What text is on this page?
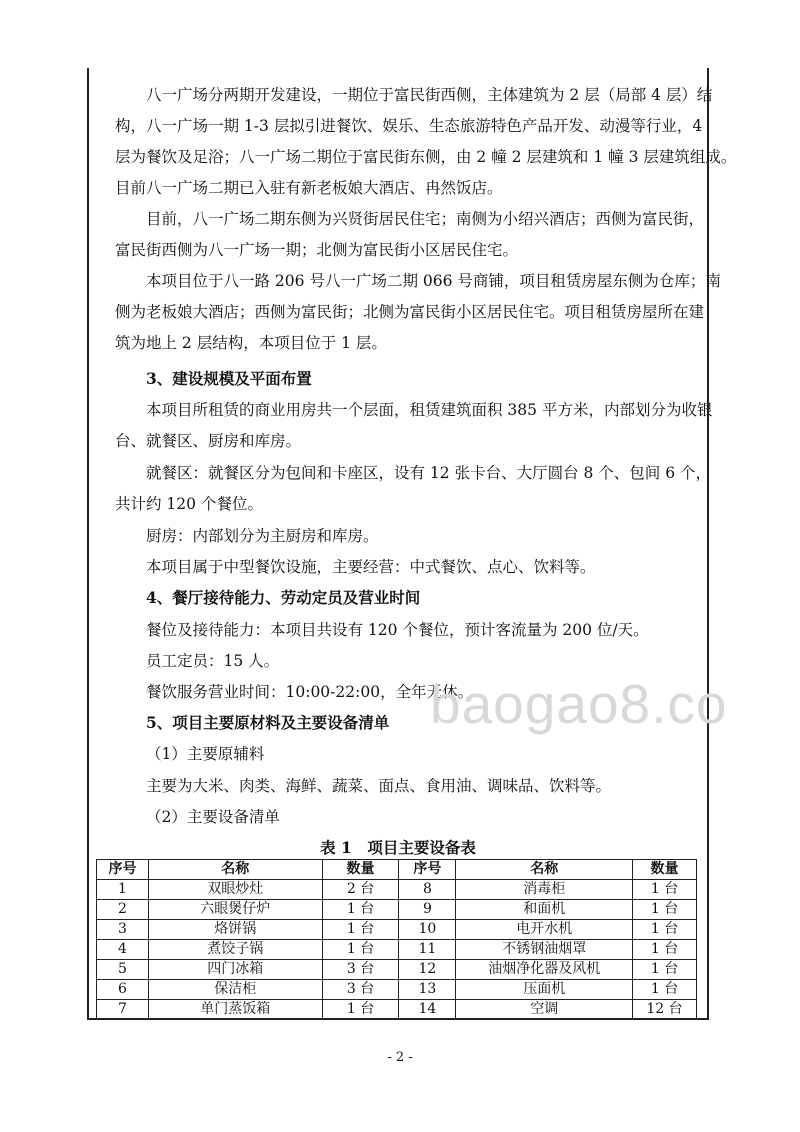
八一广场分两期开发建设，一期位于富民街西侧，主体建筑为 2 层（局部 4 层）结

构，八一广场一期 1-3 层拟引进餐饮、娱乐、生态旅游特色产品开发、动漫等行业，4

层为餐饮及足浴；八一广场二期位于富民街东侧，由 2 幢 2 层建筑和 1 幢 3 层建筑组成。

目前八一广场二期已入驻有新老板娘大酒店、冉然饭店。

目前，八一广场二期东侧为兴贤街居民住宅；南侧为小绍兴酒店；西侧为富民街，

富民街西侧为八一广场一期；北侧为富民街小区居民住宅。

本项目位于八一路 206 号八一广场二期 066 号商铺，项目租赁房屋东侧为仓库；南

侧为老板娘大酒店；西侧为富民街；北侧为富民街小区居民住宅。项目租赁房屋所在建

筑为地上 2 层结构，本项目位于 1 层。

3、建设规模及平面布置

本项目所租赁的商业用房共一个层面，租赁建筑面积 385 平方米，内部划分为收银

台、就餐区、厨房和库房。

就餐区：就餐区分为包间和卡座区，设有 12 张卡台、大厅圆台 8 个、包间 6 个，

共计约 120 个餐位。

厨房：内部划分为主厨房和库房。

本项目属于中型餐饮设施，主要经营：中式餐饮、点心、饮料等。

4、餐厅接待能力、劳动定员及营业时间

餐位及接待能力：本项目共设有 120 个餐位，预计客流量为 200 位/天。

员工定员：15 人。

餐饮服务营业时间：10:00-22:00，全年无休。

5、项目主要原材料及主要设备清单

（1）主要原辅料

主要为大米、肉类、海鲜、蔬菜、面点、食用油、调味品、饮料等。

（2）主要设备清单

表 1　项目主要设备表
序号	名称	数量	序号	名称	数量
1	双眼炒灶	2 台	8	消毒柜	1 台
2	六眼煲仔炉	1 台	9	和面机	1 台
3	烙饼锅	1 台	10	电开水机	1 台
4	煮饺子锅	1 台	11	不锈钢油烟罩	1 台
5	四门冰箱	3 台	12	油烟净化器及风机	1 台
6	保洁柜	3 台	13	压面机	1 台
7	单门蒸饭箱	1 台	14	空调	12 台
baogao8.co
- 2 -
